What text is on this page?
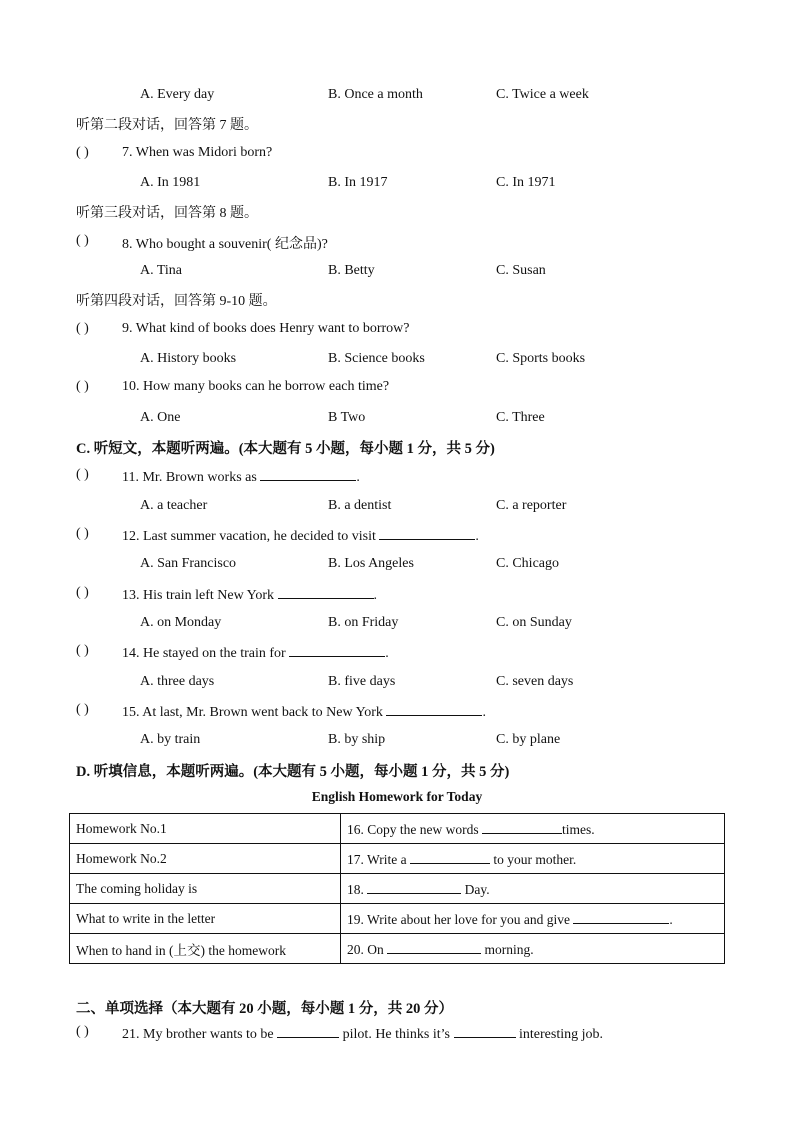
A. Every day	B. Once a month	C. Twice a week
听第二段对话，回答第 7 题。
( ) 7. When was Midori born?
A. In 1981	B. In 1917	C. In 1971
听第三段对话，回答第 8 题。
( ) 8. Who bought a souvenir( 纪念品)?
A. Tina	B. Betty	C. Susan
听第四段对话，回答第 9-10 题。
( ) 9. What kind of books does Henry want to borrow?
A. History books	B. Science books	C. Sports books
( ) 10. How many books can he borrow each time?
A. One	B Two	C. Three
C. 听短文，本题听两遍。(本大题有 5 小题，每小题 1 分，共 5 分)
( ) 11. Mr. Brown works as	.
A. a teacher	B. a dentist	C. a reporter
( ) 12. Last summer vacation, he decided to visit	.
A. San Francisco	B. Los Angeles	C. Chicago
( ) 13. His train left New York	.
A. on Monday	B. on Friday	C. on Sunday
( ) 14. He stayed on the train for	.
A. three days	B. five days	C. seven days
( ) 15. At last, Mr. Brown went back to New York	.
A. by train	B. by ship	C. by plane
D. 听填信息，本题听两遍。(本大题有 5 小题，每小题 1 分，共 5 分)
English Homework for Today
Homework No.1	16. Copy the new words times.
Homework No.2	17. Write a to your mother.
The coming holiday is	18. Day.
What to write in the letter	19. Write about her love for you and give .
When to hand in (上交) the homework	20. On morning.
二、单项选择（本大题有 20 小题，每小题 1 分，共 20 分）
( ) 21. My brother wants to be	pilot. He thinks it’s	interesting job.
